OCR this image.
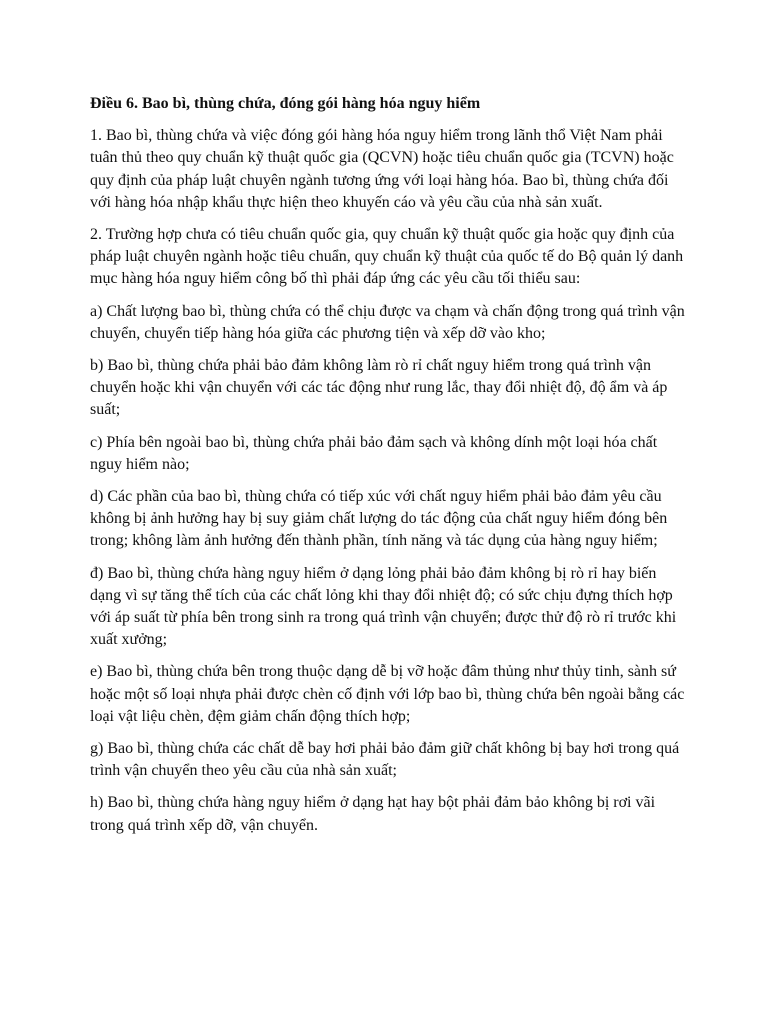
Điều 6. Bao bì, thùng chứa, đóng gói hàng hóa nguy hiểm

1. Bao bì, thùng chứa và việc đóng gói hàng hóa nguy hiểm trong lãnh thổ Việt Nam phải tuân thủ theo quy chuẩn kỹ thuật quốc gia (QCVN) hoặc tiêu chuẩn quốc gia (TCVN) hoặc quy định của pháp luật chuyên ngành tương ứng với loại hàng hóa. Bao bì, thùng chứa đối với hàng hóa nhập khẩu thực hiện theo khuyến cáo và yêu cầu của nhà sản xuất.

2. Trường hợp chưa có tiêu chuẩn quốc gia, quy chuẩn kỹ thuật quốc gia hoặc quy định của pháp luật chuyên ngành hoặc tiêu chuẩn, quy chuẩn kỹ thuật của quốc tế do Bộ quản lý danh mục hàng hóa nguy hiểm công bố thì phải đáp ứng các yêu cầu tối thiểu sau:

a) Chất lượng bao bì, thùng chứa có thể chịu được va chạm và chấn động trong quá trình vận chuyển, chuyển tiếp hàng hóa giữa các phương tiện và xếp dỡ vào kho;

b) Bao bì, thùng chứa phải bảo đảm không làm rò rỉ chất nguy hiểm trong quá trình vận chuyển hoặc khi vận chuyển với các tác động như rung lắc, thay đổi nhiệt độ, độ ẩm và áp suất;

c) Phía bên ngoài bao bì, thùng chứa phải bảo đảm sạch và không dính một loại hóa chất nguy hiểm nào;

d) Các phần của bao bì, thùng chứa có tiếp xúc với chất nguy hiểm phải bảo đảm yêu cầu không bị ảnh hưởng hay bị suy giảm chất lượng do tác động của chất nguy hiểm đóng bên trong; không làm ảnh hưởng đến thành phần, tính năng và tác dụng của hàng nguy hiểm;

đ) Bao bì, thùng chứa hàng nguy hiểm ở dạng lỏng phải bảo đảm không bị rò rỉ hay biến dạng vì sự tăng thể tích của các chất lỏng khi thay đổi nhiệt độ; có sức chịu đựng thích hợp với áp suất từ phía bên trong sinh ra trong quá trình vận chuyển; được thử độ rò rỉ trước khi xuất xưởng;

e) Bao bì, thùng chứa bên trong thuộc dạng dễ bị vỡ hoặc đâm thủng như thủy tinh, sành sứ hoặc một số loại nhựa phải được chèn cố định với lớp bao bì, thùng chứa bên ngoài bằng các loại vật liệu chèn, đệm giảm chấn động thích hợp;

g) Bao bì, thùng chứa các chất dễ bay hơi phải bảo đảm giữ chất không bị bay hơi trong quá trình vận chuyển theo yêu cầu của nhà sản xuất;

h) Bao bì, thùng chứa hàng nguy hiểm ở dạng hạt hay bột phải đảm bảo không bị rơi vãi trong quá trình xếp dỡ, vận chuyển.
